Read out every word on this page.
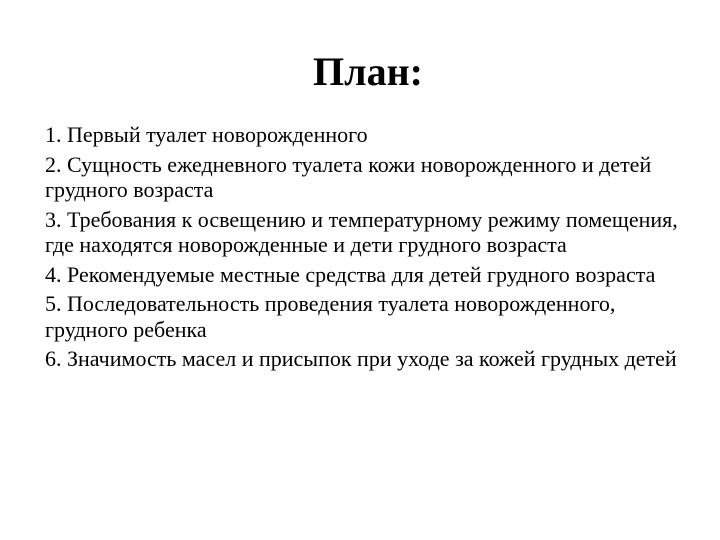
План:
1. Первый туалет новорожденного
2. Сущность ежедневного туалета кожи новорожденного и детей грудного возраста
3. Требования к освещению и температурному режиму помещения, где находятся новорожденные и дети грудного возраста
4. Рекомендуемые местные средства для детей грудного возраста
5. Последовательность проведения туалета новорожденного, грудного ребенка
6. Значимость масел и присыпок при уходе за кожей грудных детей
